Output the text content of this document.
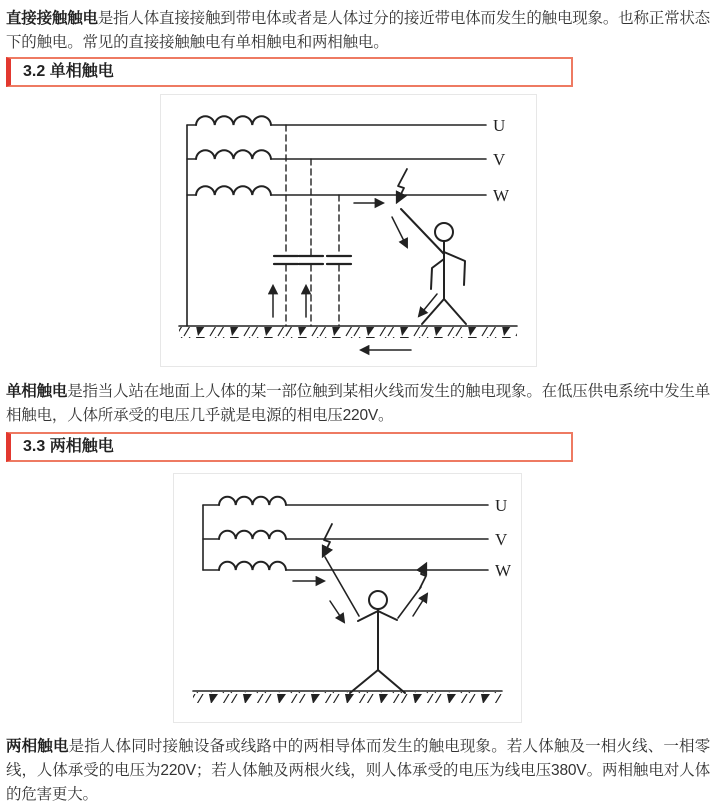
直接接触触电是指人体直接接触到带电体或者是人体过分的接近带电体而发生的触电现象。也称正常状态下的触电。常见的直接接触触电有单相触电和两相触电。

3.2 单相触电
U
V
W

单相触电是指当人站在地面上人体的某一部位触到某相火线而发生的触电现象。在低压供电系统中发生单相触电，人体所承受的电压几乎就是电源的相电压220V。

3.3 两相触电
U
V
W

两相触电是指人体同时接触设备或线路中的两相导体而发生的触电现象。若人体触及一相火线、一相零线，人体承受的电压为220V；若人体触及两根火线，则人体承受的电压为线电压380V。两相触电对人体的危害更大。
